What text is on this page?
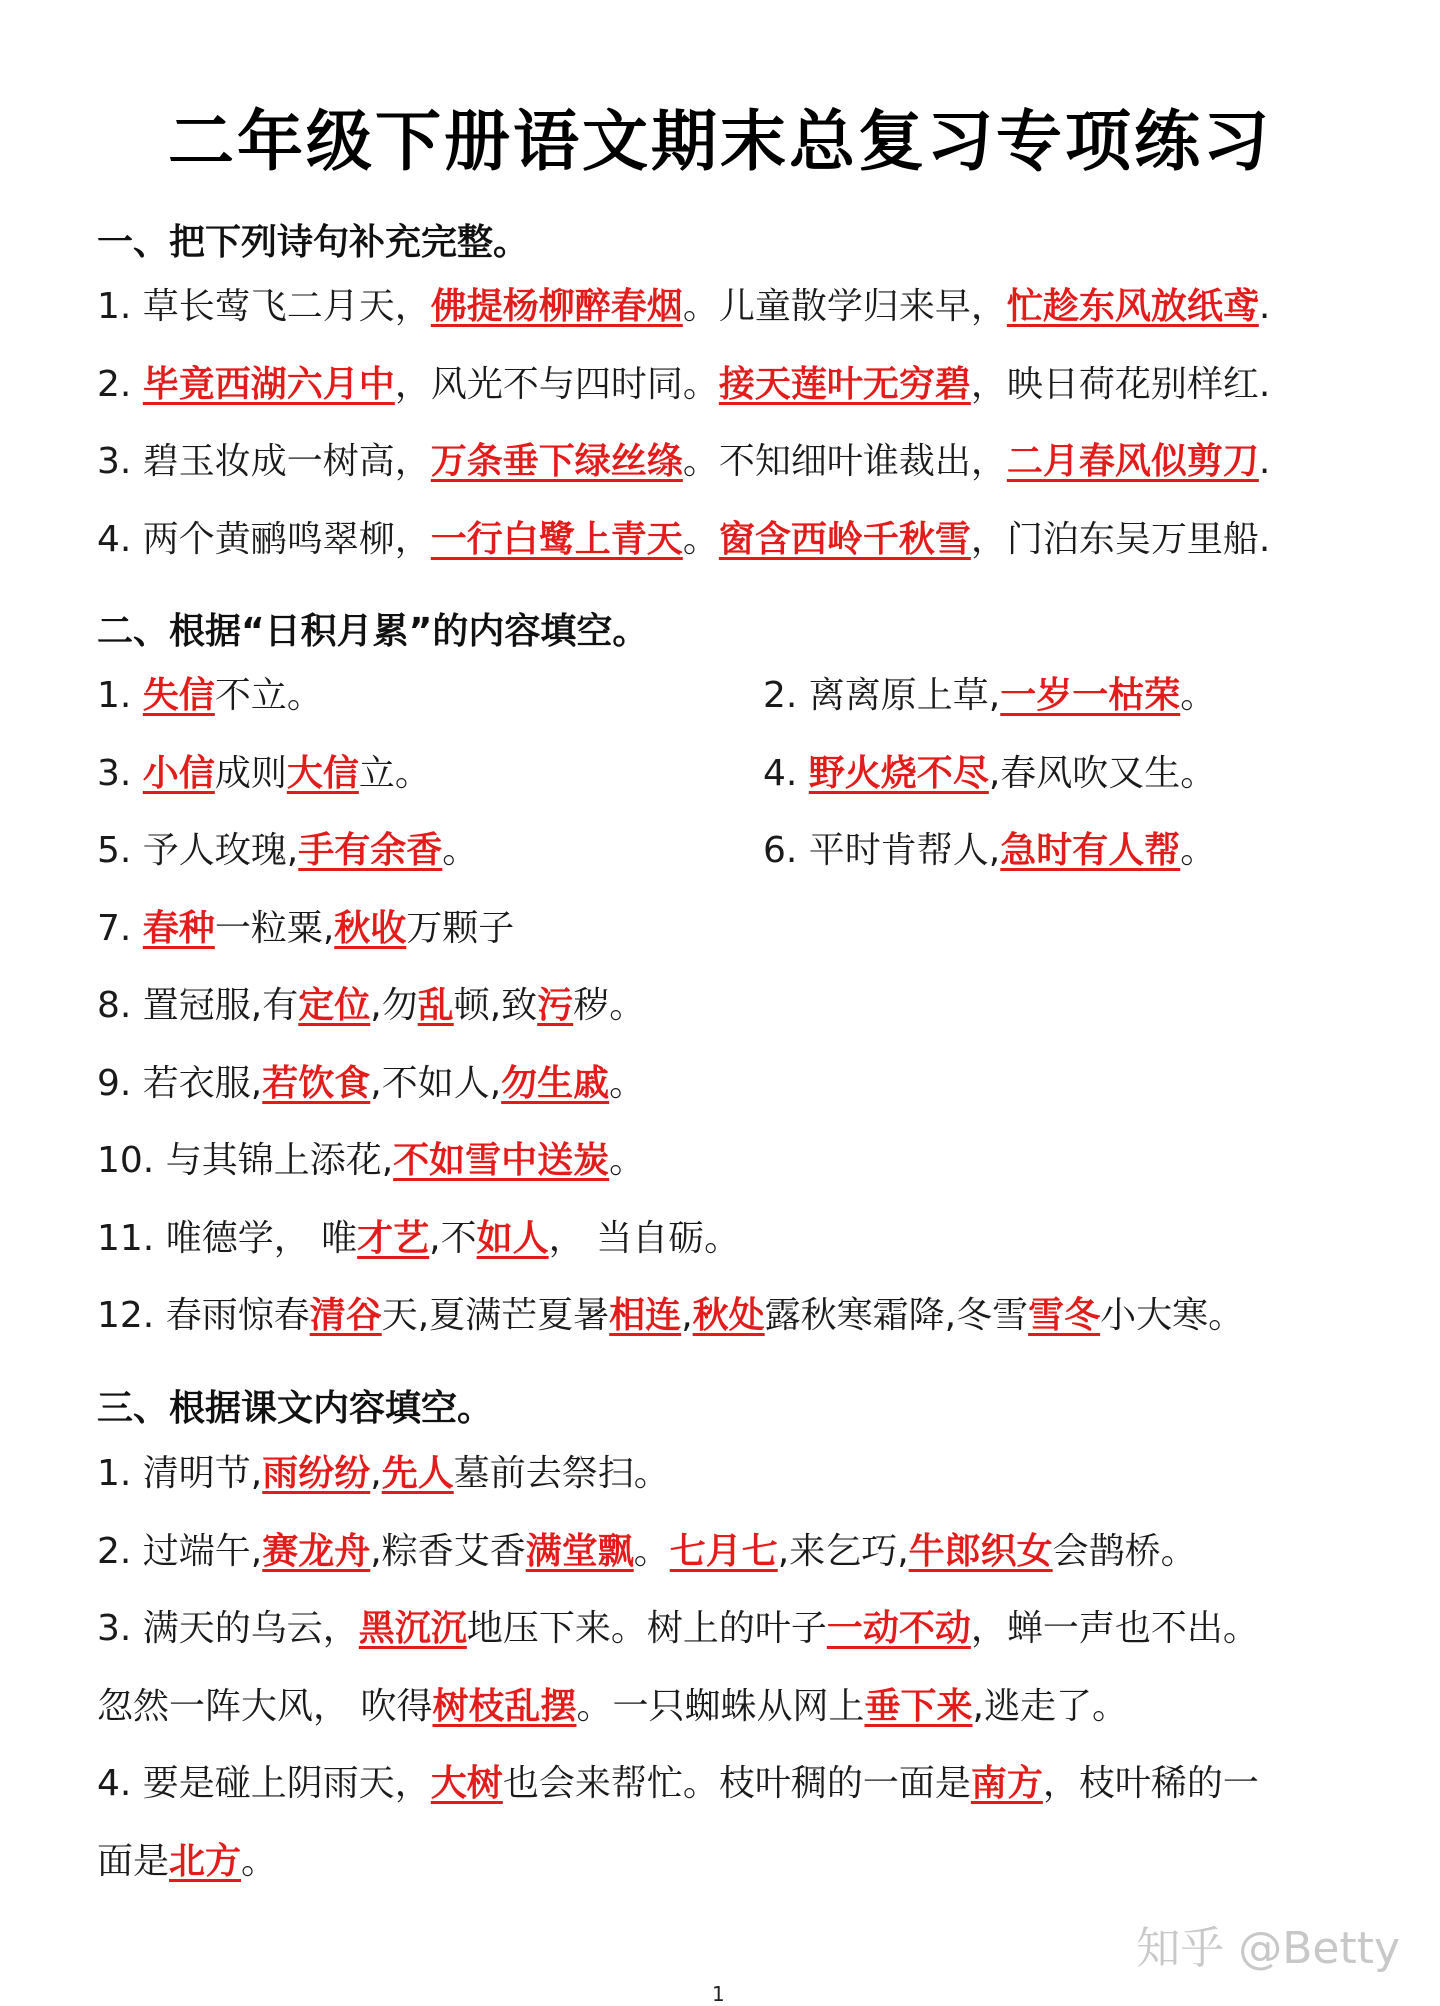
二年级下册语文期末总复习专项练习
一、把下列诗句补充完整。
1. 草长莺飞二月天，佛提杨柳醉春烟。儿童散学归来早，忙趁东风放纸鸢.
2. 毕竟西湖六月中，风光不与四时同。接天莲叶无穷碧，映日荷花别样红.
3. 碧玉妆成一树高，万条垂下绿丝绦。不知细叶谁裁出，二月春风似剪刀.
4. 两个黄鹂鸣翠柳，一行白鹭上青天。窗含西岭千秋雪，门泊东吴万里船.
二、根据“日积月累”的内容填空。
1. 失信不立。	2. 离离原上草,一岁一枯荣。
3. 小信成则大信立。	4. 野火烧不尽,春风吹又生。
5. 予人玫瑰,手有余香。	6. 平时肯帮人,急时有人帮。
7. 春种一粒粟,秋收万颗子
8. 置冠服,有定位,勿乱顿,致污秽。
9. 若衣服,若饮食,不如人,勿生戚。
10. 与其锦上添花,不如雪中送炭。
11. 唯德学， 唯才艺,不如人， 当自砺。
12. 春雨惊春清谷天,夏满芒夏暑相连,秋处露秋寒霜降,冬雪雪冬小大寒。
三、根据课文内容填空。
1. 清明节,雨纷纷,先人墓前去祭扫。
2. 过端午,赛龙舟,粽香艾香满堂飘。七月七,来乞巧,牛郎织女会鹊桥。
3. 满天的乌云，黑沉沉地压下来。树上的叶子一动不动，蝉一声也不出。
忽然一阵大风， 吹得树枝乱摆。一只蜘蛛从网上垂下来,逃走了。
4. 要是碰上阴雨天，大树也会来帮忙。枝叶稠的一面是南方，枝叶稀的一
面是北方。
知乎 @Betty
1
